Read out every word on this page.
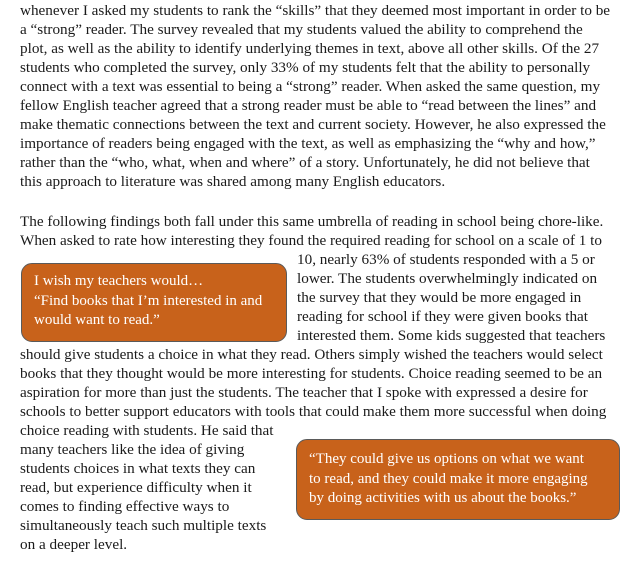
whenever I asked my students to rank the “skills” that they deemed most important in order to be
a “strong” reader. The survey revealed that my students valued the ability to comprehend the
plot, as well as the ability to identify underlying themes in text, above all other skills. Of the 27
students who completed the survey, only 33% of my students felt that the ability to personally
connect with a text was essential to being a “strong” reader. When asked the same question, my
fellow English teacher agreed that a strong reader must be able to “read between the lines” and
make thematic connections between the text and current society. However, he also expressed the
importance of readers being engaged with the text, as well as emphasizing the “why and how,”
rather than the “who, what, when and where” of a story. Unfortunately, he did not believe that
this approach to literature was shared among many English educators.
The following findings both fall under this same umbrella of reading in school being chore-like.
When asked to rate how interesting they found the required reading for school on a scale of 1 to
10, nearly 63% of students responded with a 5 or
lower. The students overwhelmingly indicated on
the survey that they would be more engaged in
reading for school if they were given books that
interested them. Some kids suggested that teachers
should give students a choice in what they read. Others simply wished the teachers would select
books that they thought would be more interesting for students. Choice reading seemed to be an
aspiration for more than just the students. The teacher that I spoke with expressed a desire for
schools to better support educators with tools that could make them more successful when doing
choice reading with students. He said that
many teachers like the idea of giving
students choices in what texts they can
read, but experience difficulty when it
comes to finding effective ways to
simultaneously teach such multiple texts
on a deeper level.
I wish my teachers would…
“Find books that I’m interested in and
would want to read.”
“They could give us options on what we want
to read, and they could make it more engaging
by doing activities with us about the books.”
